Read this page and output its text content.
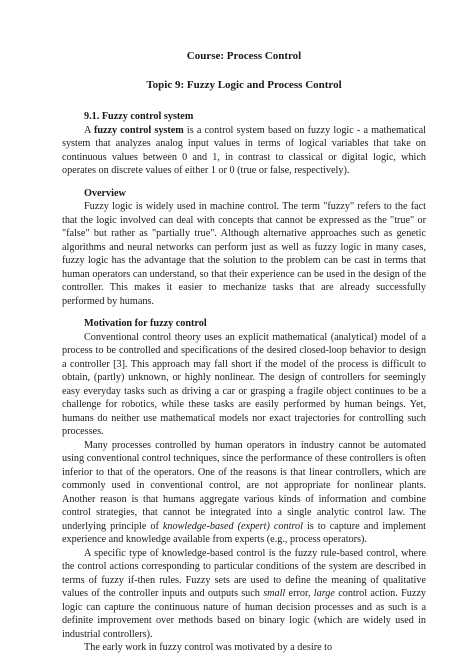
Course: Process Control
Topic 9: Fuzzy Logic and Process Control
9.1. Fuzzy control system

A fuzzy control system is a control system based on fuzzy logic - a mathematical system that analyzes analog input values in terms of logical variables that take on continuous values between 0 and 1, in contrast to classical or digital logic, which operates on discrete values of either 1 or 0 (true or false, respectively).

Overview

Fuzzy logic is widely used in machine control. The term "fuzzy" refers to the fact that the logic involved can deal with concepts that cannot be expressed as the "true" or "false" but rather as "partially true". Although alternative approaches such as genetic algorithms and neural networks can perform just as well as fuzzy logic in many cases, fuzzy logic has the advantage that the solution to the problem can be cast in terms that human operators can understand, so that their experience can be used in the design of the controller. This makes it easier to mechanize tasks that are already successfully performed by humans.

Motivation for fuzzy control

Conventional control theory uses an explicit mathematical (analytical) model of a process to be controlled and specifications of the desired closed-loop behavior to design a controller [3]. This approach may fall short if the model of the process is difficult to obtain, (partly) unknown, or highly nonlinear. The design of controllers for seemingly easy everyday tasks such as driving a car or grasping a fragile object continues to be a challenge for robotics, while these tasks are easily performed by human beings. Yet, humans do neither use mathematical models nor exact trajectories for controlling such processes.

Many processes controlled by human operators in industry cannot be automated using conventional control techniques, since the performance of these controllers is often inferior to that of the operators. One of the reasons is that linear controllers, which are commonly used in conventional control, are not appropriate for nonlinear plants. Another reason is that humans aggregate various kinds of information and combine control strategies, that cannot be integrated into a single analytic control law. The underlying principle of knowledge-based (expert) control is to capture and implement experience and knowledge available from experts (e.g., process operators).

A specific type of knowledge-based control is the fuzzy rule-based control, where the control actions corresponding to particular conditions of the system are described in terms of fuzzy if-then rules. Fuzzy sets are used to define the meaning of qualitative values of the controller inputs and outputs such small error, large control action. Fuzzy logic can capture the continuous nature of human decision processes and as such is a definite improvement over methods based on binary logic (which are widely used in industrial controllers).

The early work in fuzzy control was motivated by a desire to
